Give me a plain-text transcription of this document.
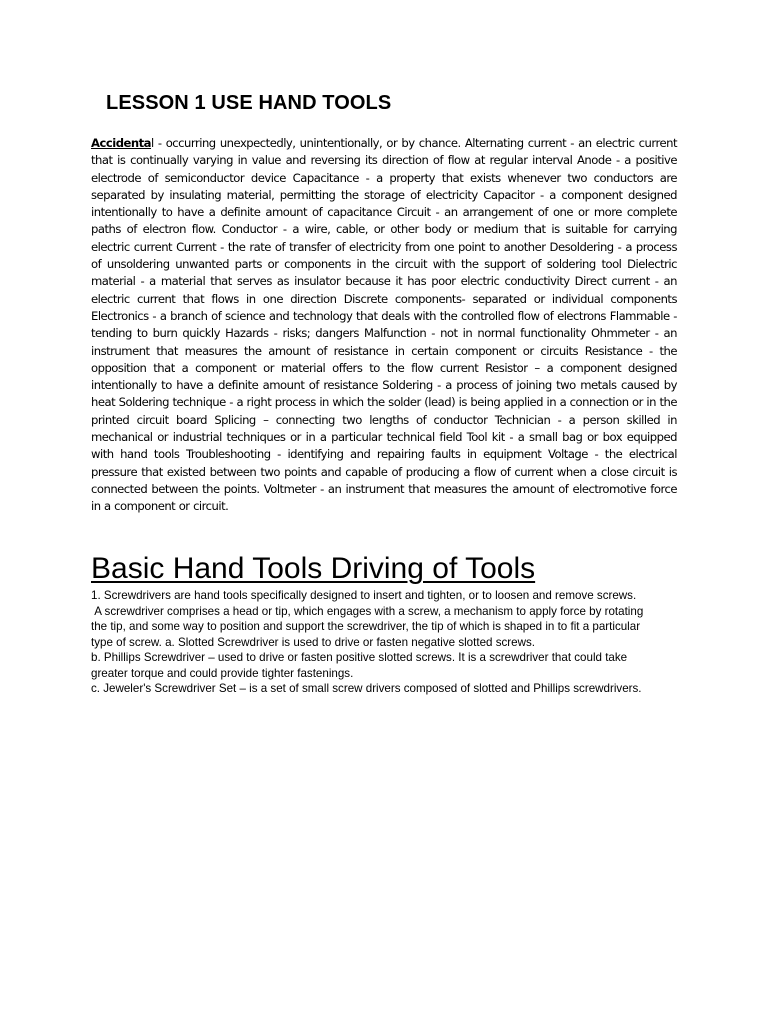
LESSON 1 USE HAND TOOLS

Accidental - occurring unexpectedly, unintentionally, or by chance. Alternating current - an electric current that is continually varying in value and reversing its direction of flow at regular interval Anode - a positive electrode of semiconductor device Capacitance - a property that exists whenever two conductors are separated by insulating material, permitting the storage of electricity Capacitor - a component designed intentionally to have a definite amount of capacitance Circuit - an arrangement of one or more complete paths of electron flow. Conductor - a wire, cable, or other body or medium that is suitable for carrying electric current Current - the rate of transfer of electricity from one point to another Desoldering - a process of unsoldering unwanted parts or components in the circuit with the support of soldering tool Dielectric material - a material that serves as insulator because it has poor electric conductivity Direct current - an electric current that flows in one direction Discrete components- separated or individual components Electronics - a branch of science and technology that deals with the controlled flow of electrons Flammable - tending to burn quickly Hazards - risks; dangers Malfunction - not in normal functionality Ohmmeter - an instrument that measures the amount of resistance in certain component or circuits Resistance - the opposition that a component or material offers to the flow current Resistor – a component designed intentionally to have a definite amount of resistance Soldering - a process of joining two metals caused by heat Soldering technique - a right process in which the solder (lead) is being applied in a connection or in the printed circuit board Splicing – connecting two lengths of conductor Technician - a person skilled in mechanical or industrial techniques or in a particular technical field Tool kit - a small bag or box equipped with hand tools Troubleshooting - identifying and repairing faults in equipment Voltage - the electrical pressure that existed between two points and capable of producing a flow of current when a close circuit is connected between the points. Voltmeter - an instrument that measures the amount of electromotive force in a component or circuit.

Basic Hand Tools Driving of Tools

1. Screwdrivers are hand tools specifically designed to insert and tighten, or to loosen and remove screws.

A screwdriver comprises a head or tip, which engages with a screw, a mechanism to apply force by rotating the tip, and some way to position and support the screwdriver, the tip of which is shaped in to fit a particular type of screw. a. Slotted Screwdriver is used to drive or fasten negative slotted screws.

b. Phillips Screwdriver – used to drive or fasten positive slotted screws. It is a screwdriver that could take greater torque and could provide tighter fastenings.

c. Jeweler's Screwdriver Set – is a set of small screw drivers composed of slotted and Phillips screwdrivers.
